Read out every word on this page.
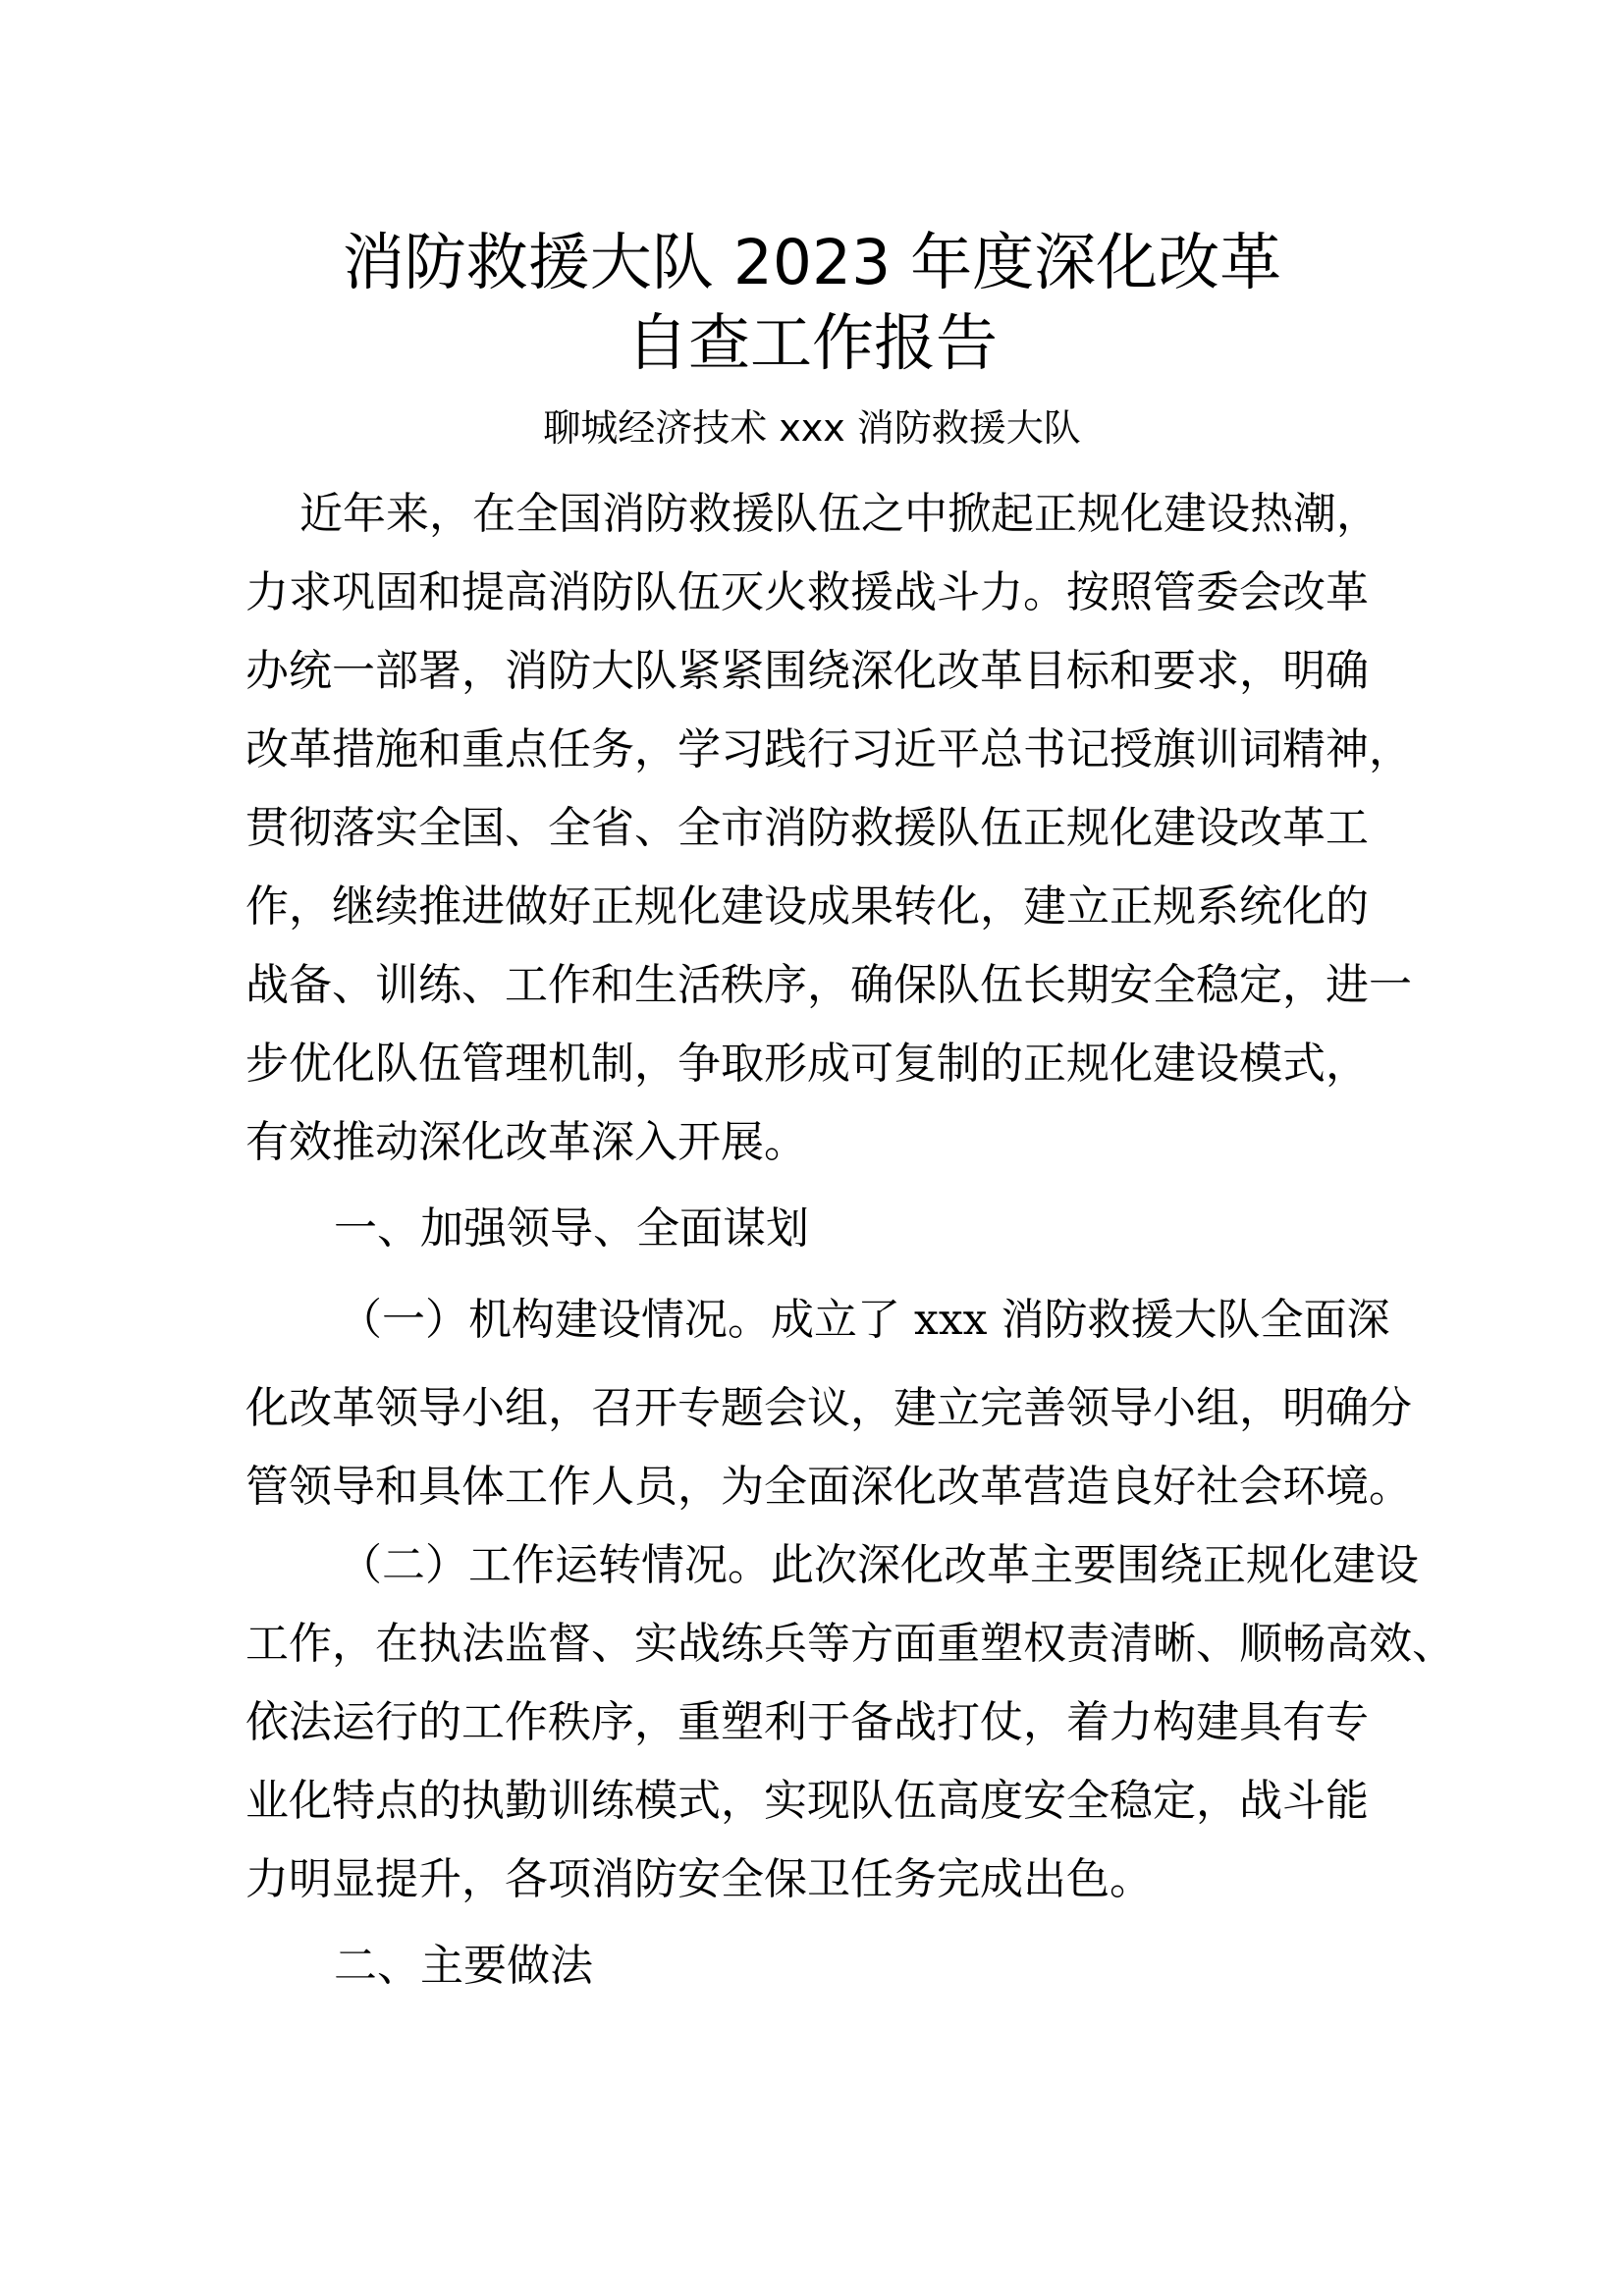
消防救援大队 2023 年度深化改革
自查工作报告
聊城经济技术 xxx 消防救援大队
近年来，在全国消防救援队伍之中掀起正规化建设热潮，
力求巩固和提高消防队伍灭火救援战斗力。按照管委会改革
办统一部署，消防大队紧紧围绕深化改革目标和要求，明确
改革措施和重点任务，学习践行习近平总书记授旗训词精神，
贯彻落实全国、全省、全市消防救援队伍正规化建设改革工
作，继续推进做好正规化建设成果转化，建立正规系统化的
战备、训练、工作和生活秩序，确保队伍长期安全稳定，进一
步优化队伍管理机制，争取形成可复制的正规化建设模式，
有效推动深化改革深入开展。
一、加强领导、全面谋划
（一）机构建设情况。成立了 xxx 消防救援大队全面深
化改革领导小组，召开专题会议，建立完善领导小组，明确分
管领导和具体工作人员，为全面深化改革营造良好社会环境。
（二）工作运转情况。此次深化改革主要围绕正规化建设
工作，在执法监督、实战练兵等方面重塑权责清晰、顺畅高效、
依法运行的工作秩序，重塑利于备战打仗，着力构建具有专
业化特点的执勤训练模式，实现队伍高度安全稳定，战斗能
力明显提升，各项消防安全保卫任务完成出色。
二、主要做法
